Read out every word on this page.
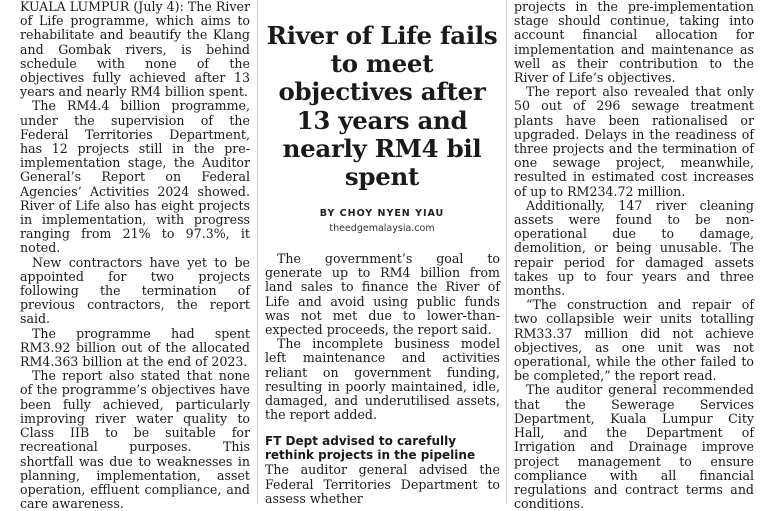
KUALA LUMPUR (July 4): The River of Life programme, which aims to rehabilitate and beautify the Klang and Gombak rivers, is behind schedule with none of the objectives fully achieved after 13 years and nearly RM4 billion spent.

The RM4.4 billion programme, under the supervision of the Federal Territories Department, has 12 projects still in the pre-implementation stage, the Auditor General’s Report on Federal Agencies’ Activities 2024 showed. River of Life also has eight projects in implementation, with progress ranging from 21% to 97.3%, it noted.

New contractors have yet to be appointed for two projects following the termination of previous contractors, the report said.

The programme had spent RM3.92 billion out of the allocated RM4.363 billion at the end of 2023.

The report also stated that none of the programme’s objectives have been fully achieved, particularly improving river water quality to Class IIB to be suitable for recreational purposes. This shortfall was due to weaknesses in planning, implementation, asset operation, effluent compliance, and care awareness.

River of Life fails to meet objectives after 13 years and nearly RM4 bil spent
BY CHOY NYEN YIAU
theedgemalaysia.com

The government’s goal to generate up to RM4 billion from land sales to finance the River of Life and avoid using public funds was not met due to lower-than-expected proceeds, the report said.

The incomplete business model left maintenance and activities reliant on government funding, resulting in poorly maintained, idle, damaged, and underutilised assets, the report added.

FT Dept advised to carefully rethink projects in the pipeline

The auditor general advised the Federal Territories Department to assess whether

projects in the pre-implementation stage should continue, taking into account financial allocation for implementation and maintenance as well as their contribution to the River of Life’s objectives.

The report also revealed that only 50 out of 296 sewage treatment plants have been rationalised or upgraded. Delays in the readiness of three projects and the termination of one sewage project, meanwhile, resulted in estimated cost increases of up to RM234.72 million.

Additionally, 147 river cleaning assets were found to be non-operational due to damage, demolition, or being unusable. The repair period for damaged assets takes up to four years and three months.

“The construction and repair of two collapsible weir units totalling RM33.37 million did not achieve objectives, as one unit was not operational, while the other failed to be completed,” the report read.

The auditor general recommended that the Sewerage Services Department, Kuala Lumpur City Hall, and the Department of Irrigation and Drainage improve project management to ensure compliance with all financial regulations and contract terms and conditions.
